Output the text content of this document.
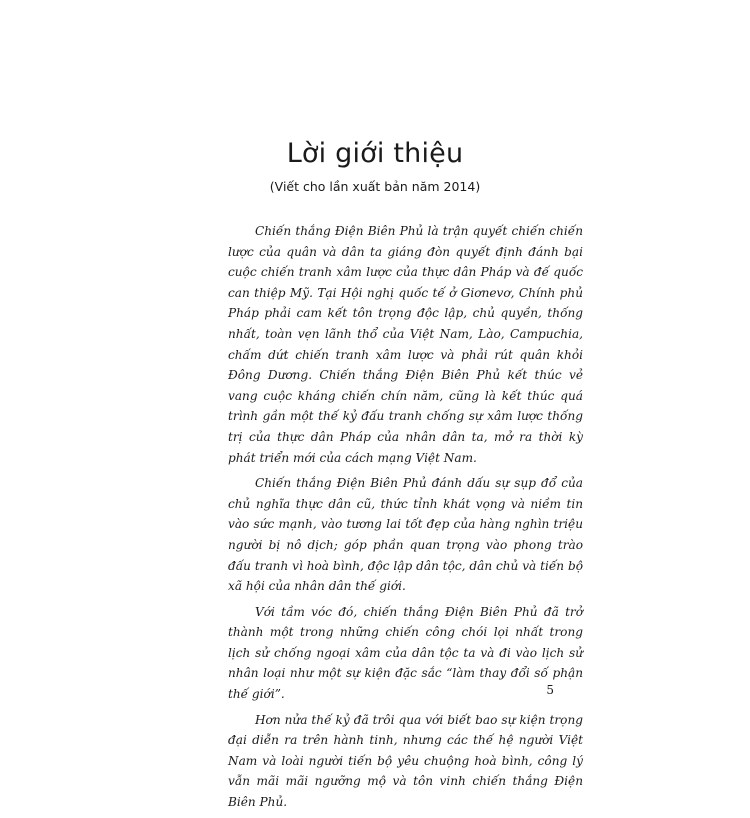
Lời giới thiệu
(Viết cho lần xuất bản năm 2014)

Chiến thắng Điện Biên Phủ là trận quyết chiến chiến lược của quân và dân ta giáng đòn quyết định đánh bại cuộc chiến tranh xâm lược của thực dân Pháp và đế quốc can thiệp Mỹ. Tại Hội nghị quốc tế ở Giơnevơ, Chính phủ Pháp phải cam kết tôn trọng độc lập, chủ quyền, thống nhất, toàn vẹn lãnh thổ của Việt Nam, Lào, Campuchia, chấm dứt chiến tranh xâm lược và phải rút quân khỏi Đông Dương. Chiến thắng Điện Biên Phủ kết thúc vẻ vang cuộc kháng chiến chín năm, cũng là kết thúc quá trình gần một thế kỷ đấu tranh chống sự xâm lược thống trị của thực dân Pháp của nhân dân ta, mở ra thời kỳ phát triển mới của cách mạng Việt Nam.

Chiến thắng Điện Biên Phủ đánh dấu sự sụp đổ của chủ nghĩa thực dân cũ, thức tỉnh khát vọng và niềm tin vào sức mạnh, vào tương lai tốt đẹp của hàng nghìn triệu người bị nô dịch; góp phần quan trọng vào phong trào đấu tranh vì hoà bình, độc lập dân tộc, dân chủ và tiến bộ xã hội của nhân dân thế giới.

Với tầm vóc đó, chiến thắng Điện Biên Phủ đã trở thành một trong những chiến công chói lọi nhất trong lịch sử chống ngoại xâm của dân tộc ta và đi vào lịch sử nhân loại như một sự kiện đặc sắc “làm thay đổi số phận thế giới”.

Hơn nửa thế kỷ đã trôi qua với biết bao sự kiện trọng đại diễn ra trên hành tinh, nhưng các thế hệ người Việt Nam và loài người tiến bộ yêu chuộng hoà bình, công lý vẫn mãi mãi ngưỡng mộ và tôn vinh chiến thắng Điện Biên Phủ.

5
